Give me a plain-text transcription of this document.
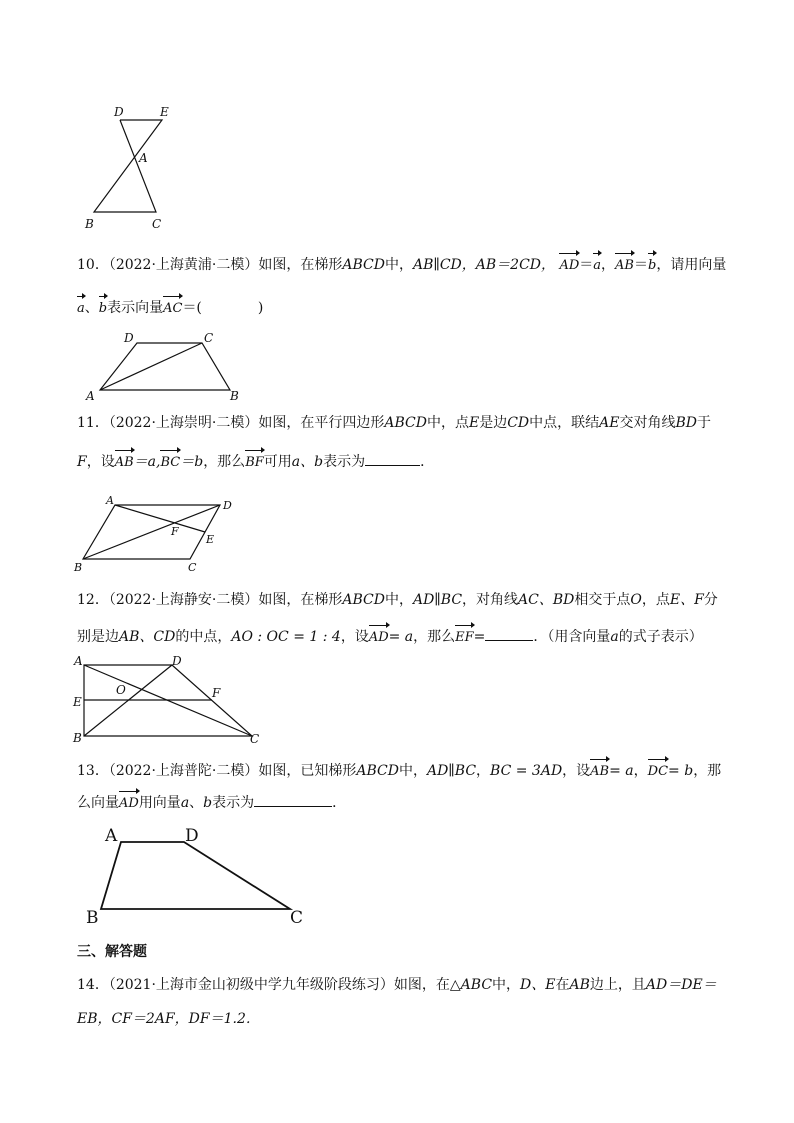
D	E
A
B	C
10．（2022·上海黄浦·二模）如图，在梯形ABCD中，AB∥CD，AB＝2CD， AD＝a，AB＝b，请用向量
a、b表示向量AC＝(　　　　)
D	C
A	B
11．（2022·上海崇明·二模）如图，在平行四边形ABCD中，点E是边CD中点，联结AE交对角线BD于
F，设AB＝a,BC＝b，那么BF可用a、b表示为	．
A	D
F
E
B	C
12．（2022·上海静安·二模）如图，在梯形ABCD中，AD∥BC，对角线AC、BD相交于点O，点E、F分
别是边AB、CD的中点，AO : OC = 1 : 4，设AD= a，那么EF=	．（用含向量a的式子表示）
A	D
O	F
E
B	C
13．（2022·上海普陀·二模）如图，已知梯形ABCD中，AD∥BC，BC = 3AD，设AB= a，DC= b，那
么向量AD用向量a、b表示为	．
A	D
B	C
三、解答题
14．（2021·上海市金山初级中学九年级阶段练习）如图，在△ABC中，D、E在AB边上，且AD＝DE＝
EB，CF＝2AF，DF＝1.2．
